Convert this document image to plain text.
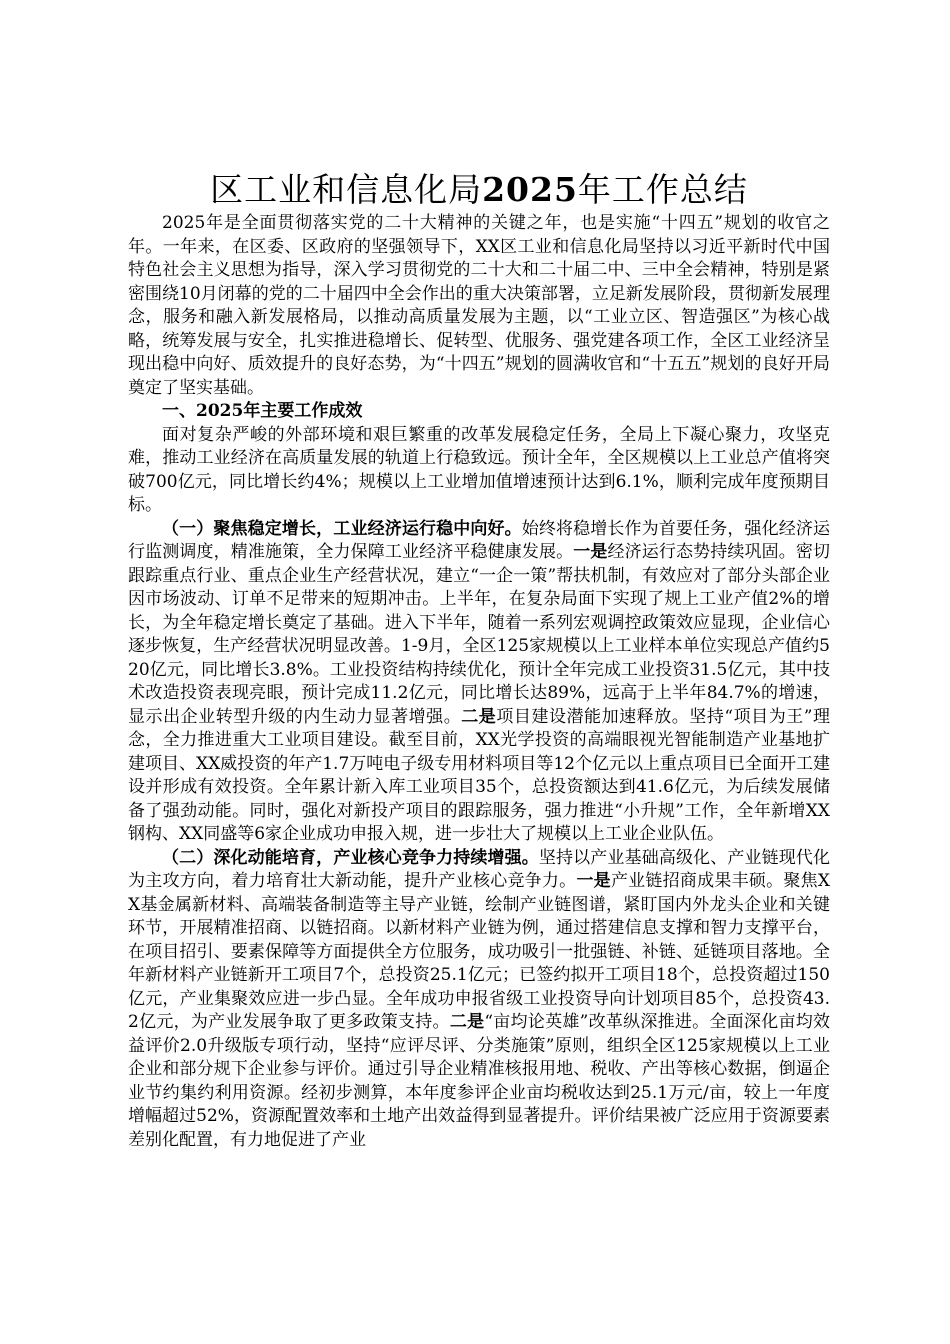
区工业和信息化局2025年工作总结

2025年是全面贯彻落实党的二十大精神的关键之年，也是实施“十四五”规划的收官之年。一年来，在区委、区政府的坚强领导下，XX区工业和信息化局坚持以习近平新时代中国特色社会主义思想为指导，深入学习贯彻党的二十大和二十届二中、三中全会精神，特别是紧密围绕10月闭幕的党的二十届四中全会作出的重大决策部署，立足新发展阶段，贯彻新发展理念，服务和融入新发展格局，以推动高质量发展为主题，以“工业立区、智造强区”为核心战略，统筹发展与安全，扎实推进稳增长、促转型、优服务、强党建各项工作，全区工业经济呈现出稳中向好、质效提升的良好态势，为“十四五”规划的圆满收官和“十五五”规划的良好开局奠定了坚实基础。

一、2025年主要工作成效

面对复杂严峻的外部环境和艰巨繁重的改革发展稳定任务，全局上下凝心聚力，攻坚克难，推动工业经济在高质量发展的轨道上行稳致远。预计全年，全区规模以上工业总产值将突破700亿元，同比增长约4%；规模以上工业增加值增速预计达到6.1%，顺利完成年度预期目标。

（一）聚焦稳定增长，工业经济运行稳中向好。始终将稳增长作为首要任务，强化经济运行监测调度，精准施策，全力保障工业经济平稳健康发展。一是经济运行态势持续巩固。密切跟踪重点行业、重点企业生产经营状况，建立“一企一策”帮扶机制，有效应对了部分头部企业因市场波动、订单不足带来的短期冲击。上半年，在复杂局面下实现了规上工业产值2%的增长，为全年稳定增长奠定了基础。进入下半年，随着一系列宏观调控政策效应显现，企业信心逐步恢复，生产经营状况明显改善。1-9月，全区125家规模以上工业样本单位实现总产值约520亿元，同比增长3.8%。工业投资结构持续优化，预计全年完成工业投资31.5亿元，其中技术改造投资表现亮眼，预计完成11.2亿元，同比增长达89%，远高于上半年84.7%的增速，显示出企业转型升级的内生动力显著增强。二是项目建设潜能加速释放。坚持“项目为王”理念，全力推进重大工业项目建设。截至目前，XX光学投资的高端眼视光智能制造产业基地扩建项目、XX威投资的年产1.7万吨电子级专用材料项目等12个亿元以上重点项目已全面开工建设并形成有效投资。全年累计新入库工业项目35个，总投资额达到41.6亿元，为后续发展储备了强劲动能。同时，强化对新投产项目的跟踪服务，强力推进“小升规”工作，全年新增XX钢构、XX同盛等6家企业成功申报入规，进一步壮大了规模以上工业企业队伍。

（二）深化动能培育，产业核心竞争力持续增强。坚持以产业基础高级化、产业链现代化为主攻方向，着力培育壮大新动能，提升产业核心竞争力。一是产业链招商成果丰硕。聚焦XX基金属新材料、高端装备制造等主导产业链，绘制产业链图谱，紧盯国内外龙头企业和关键环节，开展精准招商、以链招商。以新材料产业链为例，通过搭建信息支撑和智力支撑平台，在项目招引、要素保障等方面提供全方位服务，成功吸引一批强链、补链、延链项目落地。全年新材料产业链新开工项目7个，总投资25.1亿元；已签约拟开工项目18个，总投资超过150亿元，产业集聚效应进一步凸显。全年成功申报省级工业投资导向计划项目85个，总投资43.2亿元，为产业发展争取了更多政策支持。二是“亩均论英雄”改革纵深推进。全面深化亩均效益评价2.0升级版专项行动，坚持“应评尽评、分类施策”原则，组织全区125家规模以上工业企业和部分规下企业参与评价。通过引导企业精准核报用地、税收、产出等核心数据，倒逼企业节约集约利用资源。经初步测算，本年度参评企业亩均税收达到25.1万元/亩，较上一年度增幅超过52%，资源配置效率和土地产出效益得到显著提升。评价结果被广泛应用于资源要素差别化配置，有力地促进了产业
